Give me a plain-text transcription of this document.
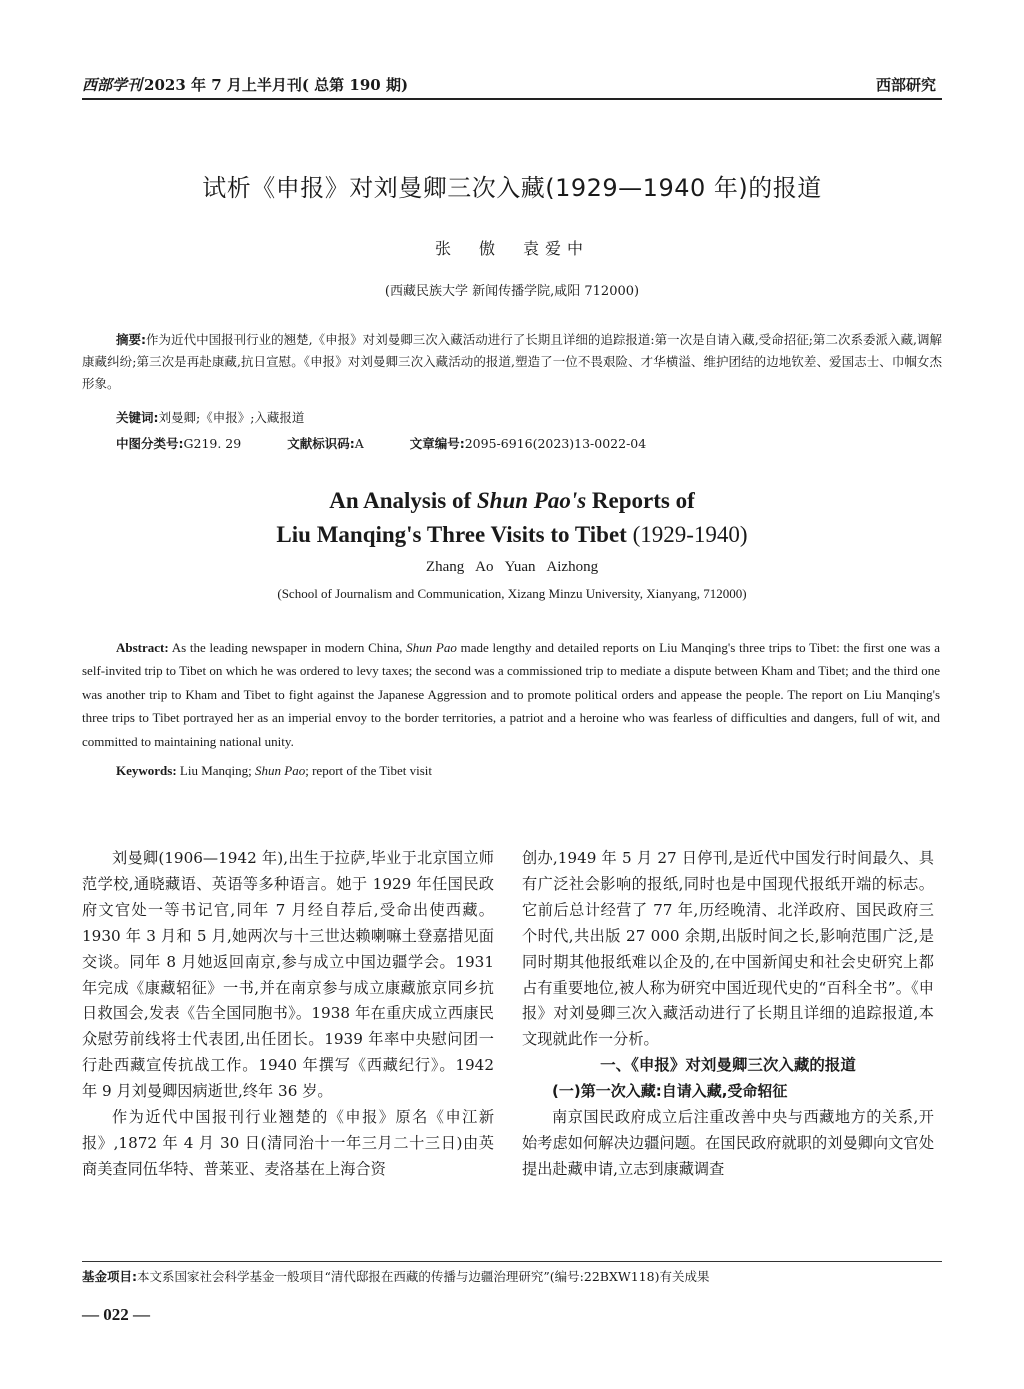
西部学刊 2023 年 7 月上半月刊( 总第 190 期)	西部研究
试析《申报》对刘曼卿三次入藏(1929—1940 年)的报道
张　傲　袁爱中
(西藏民族大学 新闻传播学院,咸阳 712000)
摘要:作为近代中国报刊行业的翘楚,《申报》对刘曼卿三次入藏活动进行了长期且详细的追踪报道:第一次是自请入藏,受命招征;第二次系委派入藏,调解康藏纠纷;第三次是再赴康藏,抗日宣慰。《申报》对刘曼卿三次入藏活动的报道,塑造了一位不畏艰险、才华横溢、维护团结的边地钦差、爱国志士、巾帼女杰形象。
关键词:刘曼卿;《申报》;入藏报道
中图分类号:G219. 29	文献标识码:A	文章编号:2095-6916(2023)13-0022-04
An Analysis of Shun Pao's Reports of
Liu Manqing's Three Visits to Tibet (1929-1940)
Zhang Ao Yuan Aizhong
(School of Journalism and Communication, Xizang Minzu University, Xianyang, 712000)
Abstract: As the leading newspaper in modern China, Shun Pao made lengthy and detailed reports on Liu Manqing's three trips to Tibet: the first one was a self-invited trip to Tibet on which he was ordered to levy taxes; the second was a commissioned trip to mediate a dispute between Kham and Tibet; and the third one was another trip to Kham and Tibet to fight against the Japanese Aggression and to promote political orders and appease the people. The report on Liu Manqing's three trips to Tibet portrayed her as an imperial envoy to the border territories, a patriot and a heroine who was fearless of difficulties and dangers, full of wit, and committed to maintaining national unity.
Keywords: Liu Manqing; Shun Pao; report of the Tibet visit

刘曼卿(1906—1942 年),出生于拉萨,毕业于北京国立师范学校,通晓藏语、英语等多种语言。她于 1929 年任国民政府文官处一等书记官,同年 7 月经自荐后,受命出使西藏。1930 年 3 月和 5 月,她两次与十三世达赖喇嘛土登嘉措见面交谈。同年 8 月她返回南京,参与成立中国边疆学会。1931 年完成《康藏轺征》一书,并在南京参与成立康藏旅京同乡抗日救国会,发表《告全国同胞书》。1938 年在重庆成立西康民众慰劳前线将士代表团,出任团长。1939 年率中央慰问团一行赴西藏宣传抗战工作。1940 年撰写《西藏纪行》。1942 年 9 月刘曼卿因病逝世,终年 36 岁。

作为近代中国报刊行业翘楚的《申报》原名《申江新报》,1872 年 4 月 30 日(清同治十一年三月二十三日)由英商美查同伍华特、普莱亚、麦洛基在上海合资

创办,1949 年 5 月 27 日停刊,是近代中国发行时间最久、具有广泛社会影响的报纸,同时也是中国现代报纸开端的标志。它前后总计经营了 77 年,历经晚清、北洋政府、国民政府三个时代,共出版 27 000 余期,出版时间之长,影响范围广泛,是同时期其他报纸难以企及的,在中国新闻史和社会史研究上都占有重要地位,被人称为研究中国近现代史的“百科全书”。《申报》对刘曼卿三次入藏活动进行了长期且详细的追踪报道,本文现就此作一分析。

一、《申报》对刘曼卿三次入藏的报道

(一)第一次入藏:自请入藏,受命轺征

南京国民政府成立后注重改善中央与西藏地方的关系,开始考虑如何解决边疆问题。在国民政府就职的刘曼卿向文官处提出赴藏申请,立志到康藏调查

基金项目:本文系国家社会科学基金一般项目“清代邸报在西藏的传播与边疆治理研究”(编号:22BXW118)有关成果
— 022 —
